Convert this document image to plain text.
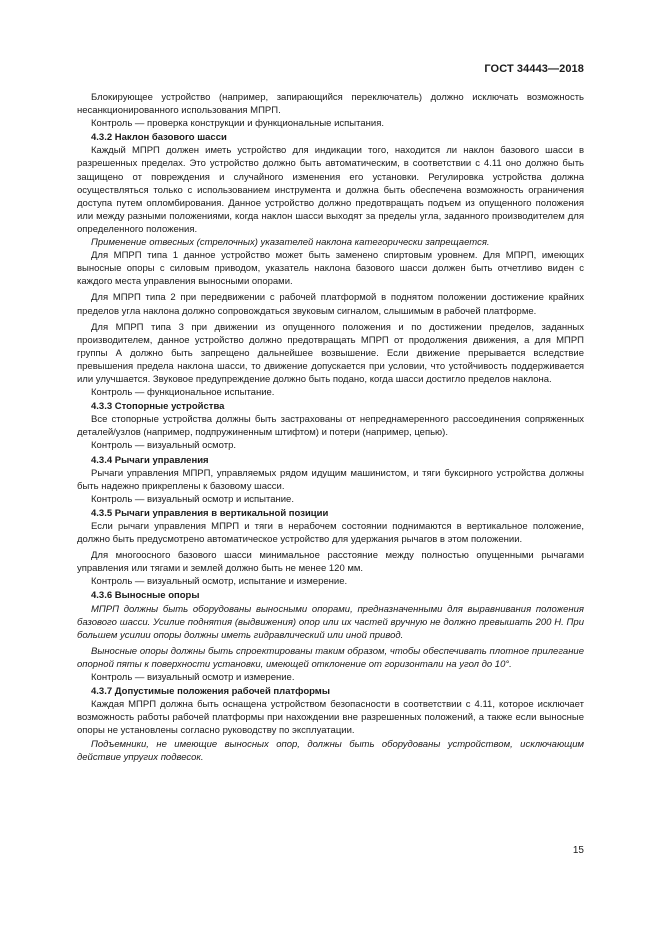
ГОСТ 34443—2018

Блокирующее устройство (например, запирающийся переключатель) должно исключать возможность несанкционированного использования МПРП.

Контроль — проверка конструкции и функциональные испытания.

4.3.2 Наклон базового шасси

Каждый МПРП должен иметь устройство для индикации того, находится ли наклон базового шасси в разрешенных пределах. Это устройство должно быть автоматическим, в соответствии с 4.11 оно должно быть защищено от повреждения и случайного изменения его установки. Регулировка устройства должна осуществляться только с использованием инструмента и должна быть обеспечена возможность ограничения доступа путем опломбирования. Данное устройство должно предотвращать подъем из опущенного положения или между разными положениями, когда наклон шасси выходят за пределы угла, заданного производителем для определенного положения.

Применение отвесных (стрелочных) указателей наклона категорически запрещается.

Для МПРП типа 1 данное устройство может быть заменено спиртовым уровнем. Для МПРП, имеющих выносные опоры с силовым приводом, указатель наклона базового шасси должен быть отчетливо виден с каждого места управления выносными опорами.

Для МПРП типа 2 при передвижении с рабочей платформой в поднятом положении достижение крайних пределов угла наклона должно сопровождаться звуковым сигналом, слышимым в рабочей платформе.

Для МПРП типа 3 при движении из опущенного положения и по достижении пределов, заданных производителем, данное устройство должно предотвращать МПРП от продолжения движения, а для МПРП группы А должно быть запрещено дальнейшее возвышение. Если движение прерывается вследствие превышения предела наклона шасси, то движение допускается при условии, что устойчивость поддерживается или улучшается. Звуковое предупреждение должно быть подано, когда шасси достигло пределов наклона.

Контроль — функциональное испытание.

4.3.3 Стопорные устройства

Все стопорные устройства должны быть застрахованы от непреднамеренного рассоединения сопряженных деталей/узлов (например, подпружиненным штифтом) и потери (например, цепью).

Контроль — визуальный осмотр.

4.3.4 Рычаги управления

Рычаги управления МПРП, управляемых рядом идущим машинистом, и тяги буксирного устройства должны быть надежно прикреплены к базовому шасси.

Контроль — визуальный осмотр и испытание.

4.3.5 Рычаги управления в вертикальной позиции

Если рычаги управления МПРП и тяги в нерабочем состоянии поднимаются в вертикальное положение, должно быть предусмотрено автоматическое устройство для удержания рычагов в этом положении.

Для многоосного базового шасси минимальное расстояние между полностью опущенными рычагами управления или тягами и землей должно быть не менее 120 мм.

Контроль — визуальный осмотр, испытание и измерение.

4.3.6 Выносные опоры

МПРП должны быть оборудованы выносными опорами, предназначенными для выравнивания положения базового шасси. Усилие поднятия (выдвижения) опор или их частей вручную не должно превышать 200 Н. При большем усилии опоры должны иметь гидравлический или иной привод.

Выносные опоры должны быть спроектированы таким образом, чтобы обеспечивать плотное прилегание опорной пяты к поверхности установки, имеющей отклонение от горизонтали на угол до 10°.

Контроль — визуальный осмотр и измерение.

4.3.7 Допустимые положения рабочей платформы

Каждая МПРП должна быть оснащена устройством безопасности в соответствии с 4.11, которое исключает возможность работы рабочей платформы при нахождении вне разрешенных положений, а также если выносные опоры не установлены согласно руководству по эксплуатации.

Подъемники, не имеющие выносных опор, должны быть оборудованы устройством, исключающим действие упругих подвесок.

15
